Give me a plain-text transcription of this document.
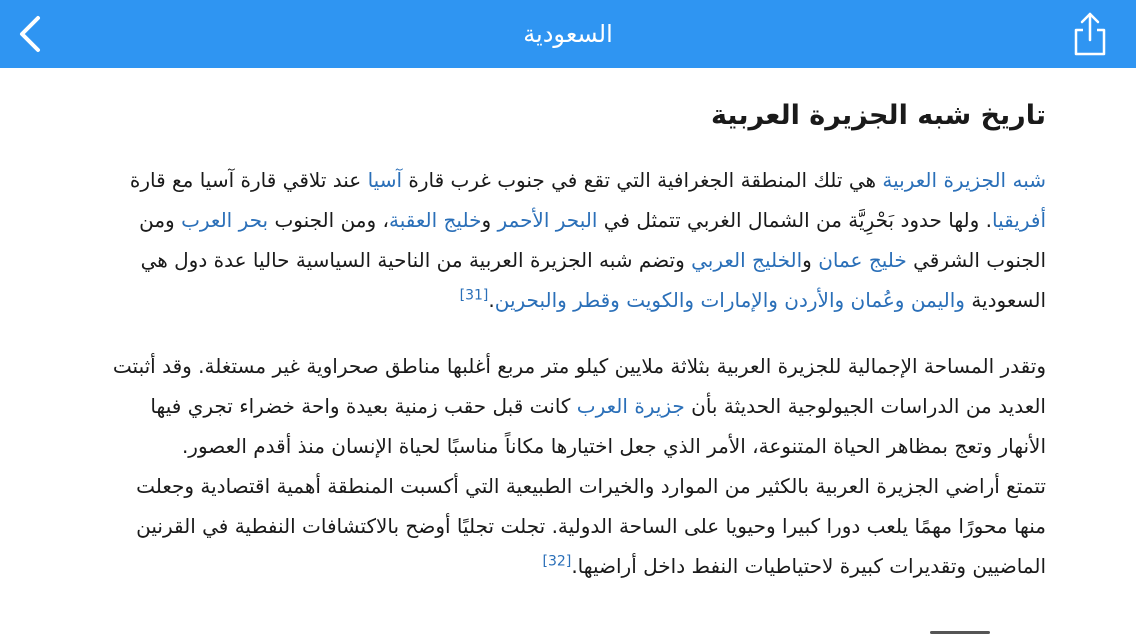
السعودية
تاريخ شبه الجزيرة العربية
شبه الجزيرة العربية هي تلك المنطقة الجغرافية التي تقع في جنوب غرب قارة آسيا عند تلاقي قارة آسيا مع قارة
أفريقيا. ولها حدود بَحْرِيَّة من الشمال الغربي تتمثل في البحر الأحمر وخليج العقبة، ومن الجنوب بحر العرب ومن
الجنوب الشرقي خليج عمان والخليج العربي وتضم شبه الجزيرة العربية من الناحية السياسية حاليا عدة دول هي
السعودية واليمن وعُمان والأردن والإمارات والكويت وقطر والبحرين.[31]
وتقدر المساحة الإجمالية للجزيرة العربية بثلاثة ملايين كيلو متر مربع أغلبها مناطق صحراوية غير مستغلة. وقد أثبتت
العديد من الدراسات الجيولوجية الحديثة بأن جزيرة العرب كانت قبل حقب زمنية بعيدة واحة خضراء تجري فيها
الأنهار وتعج بمظاهر الحياة المتنوعة، الأمر الذي جعل اختيارها مكاناً مناسبًا لحياة الإنسان منذ أقدم العصور.
تتمتع أراضي الجزيرة العربية بالكثير من الموارد والخيرات الطبيعية التي أكسبت المنطقة أهمية اقتصادية وجعلت
منها محورًا مهمًا يلعب دورا كبيرا وحيويا على الساحة الدولية. تجلت تجليًا أوضح بالاكتشافات النفطية في القرنين
الماضيين وتقديرات كبيرة لاحتياطيات النفط داخل أراضيها.[32]
